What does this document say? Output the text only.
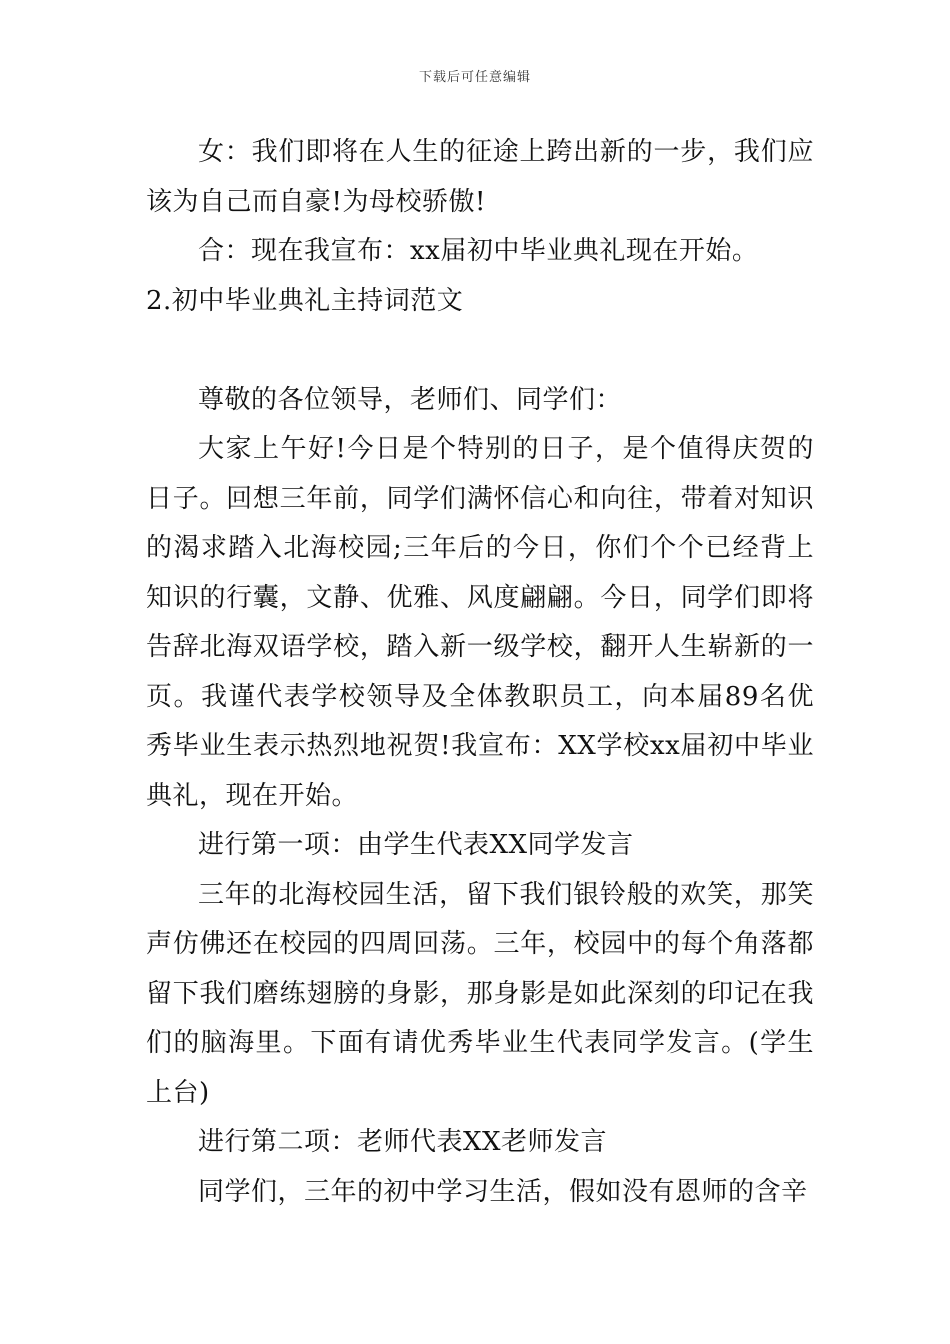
下载后可任意编辑

女：我们即将在人生的征途上跨出新的一步，我们应该为自己而自豪!为母校骄傲!

合：现在我宣布：xx届初中毕业典礼现在开始。

2.初中毕业典礼主持词范文

尊敬的各位领导，老师们、同学们：

大家上午好!今日是个特别的日子，是个值得庆贺的日子。回想三年前，同学们满怀信心和向往，带着对知识的渴求踏入北海校园;三年后的今日，你们个个已经背上知识的行囊，文静、优雅、风度翩翩。今日，同学们即将告辞北海双语学校，踏入新一级学校，翻开人生崭新的一页。我谨代表学校领导及全体教职员工，向本届89名优秀毕业生表示热烈地祝贺!我宣布：XX学校xx届初中毕业典礼，现在开始。

进行第一项：由学生代表XX同学发言

三年的北海校园生活，留下我们银铃般的欢笑，那笑声仿佛还在校园的四周回荡。三年，校园中的每个角落都留下我们磨练翅膀的身影，那身影是如此深刻的印记在我们的脑海里。下面有请优秀毕业生代表同学发言。(学生上台)

进行第二项：老师代表XX老师发言

同学们，三年的初中学习生活，假如没有恩师的含辛
